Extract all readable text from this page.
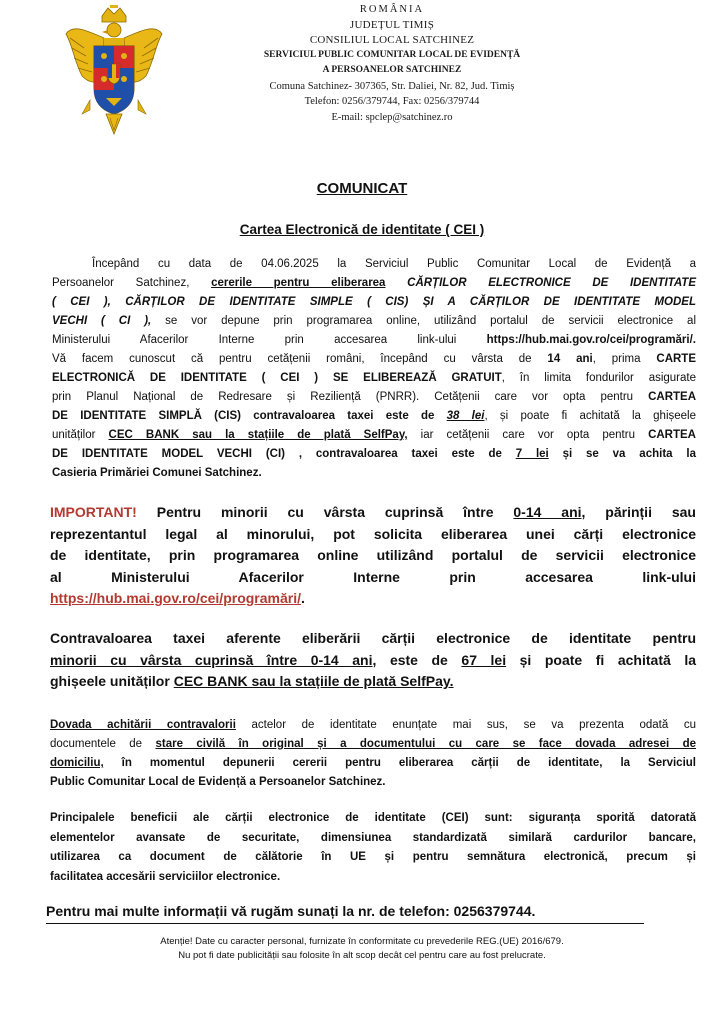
ROMÂNIA
JUDEȚUL TIMIȘ
CONSILIUL LOCAL SATCHINEZ
SERVICIUL PUBLIC COMUNITAR LOCAL DE EVIDENȚĂ
A PERSOANELOR SATCHINEZ
Comuna Satchinez- 307365, Str. Daliei, Nr. 82, Jud. Timiș
Telefon: 0256/379744, Fax: 0256/379744
E-mail: spclep@satchinez.ro
COMUNICAT
Cartea Electronică de identitate ( CEI )
Începând cu data de 04.06.2025 la Serviciul Public Comunitar Local de Evidență a
Persoanelor Satchinez, cererile pentru eliberarea CĂRȚILOR ELECTRONICE DE IDENTITATE
( CEI ), CĂRȚILOR DE IDENTITATE SIMPLE ( CIS) ȘI A CĂRȚILOR DE IDENTITATE MODEL
VECHI ( CI ), se vor depune prin programarea online, utilizând portalul de servicii electronice al
Ministerului Afacerilor Interne prin accesarea link-ului https://hub.mai.gov.ro/cei/programări/.
Vă facem cunoscut că pentru cetățenii români, începând cu vârsta de 14 ani, prima CARTE
ELECTRONICĂ DE IDENTITATE ( CEI ) SE ELIBEREAZĂ GRATUIT, în limita fondurilor asigurate
prin Planul Național de Redresare și Reziliență (PNRR). Cetățenii care vor opta pentru CARTEA
DE IDENTITATE SIMPLĂ (CIS) contravaloarea taxei este de 38 lei, și poate fi achitată la ghișeele
unităților CEC BANK sau la stațiile de plată SelfPay, iar cetățenii care vor opta pentru CARTEA
DE IDENTITATE MODEL VECHI (CI) , contravaloarea taxei este de 7 lei și se va achita la
Casieria Primăriei Comunei Satchinez.
IMPORTANT! Pentru minorii cu vârsta cuprinsă între 0-14 ani, părinții sau
reprezentantul legal al minorului, pot solicita eliberarea unei cărți electronice
de identitate, prin programarea online utilizând portalul de servicii electronice
al Ministerului Afacerilor Interne prin accesarea link-ului
https://hub.mai.gov.ro/cei/programări/.
Contravaloarea taxei aferente eliberării cărții electronice de identitate pentru
minorii cu vârsta cuprinsă între 0-14 ani, este de 67 lei și poate fi achitată la
ghișeele unităților CEC BANK sau la stațiile de plată SelfPay.
Dovada achitării contravalorii actelor de identitate enunțate mai sus, se va prezenta odată cu
documentele de stare civilă în original și a documentului cu care se face dovada adresei de
domiciliu, în momentul depunerii cererii pentru eliberarea cărții de identitate, la Serviciul
Public Comunitar Local de Evidență a Persoanelor Satchinez.
Principalele beneficii ale cărții electronice de identitate (CEI) sunt: siguranța sporită datorată
elementelor avansate de securitate, dimensiunea standardizată similară cardurilor bancare,
utilizarea ca document de călătorie în UE și pentru semnătura electronică, precum și
facilitatea accesării serviciilor electronice.
Pentru mai multe informații vă rugăm sunați la nr. de telefon: 0256379744.
Atenție! Date cu caracter personal, furnizate în conformitate cu prevederile REG.(UE) 2016/679.
Nu pot fi date publicității sau folosite în alt scop decât cel pentru care au fost prelucrate.
